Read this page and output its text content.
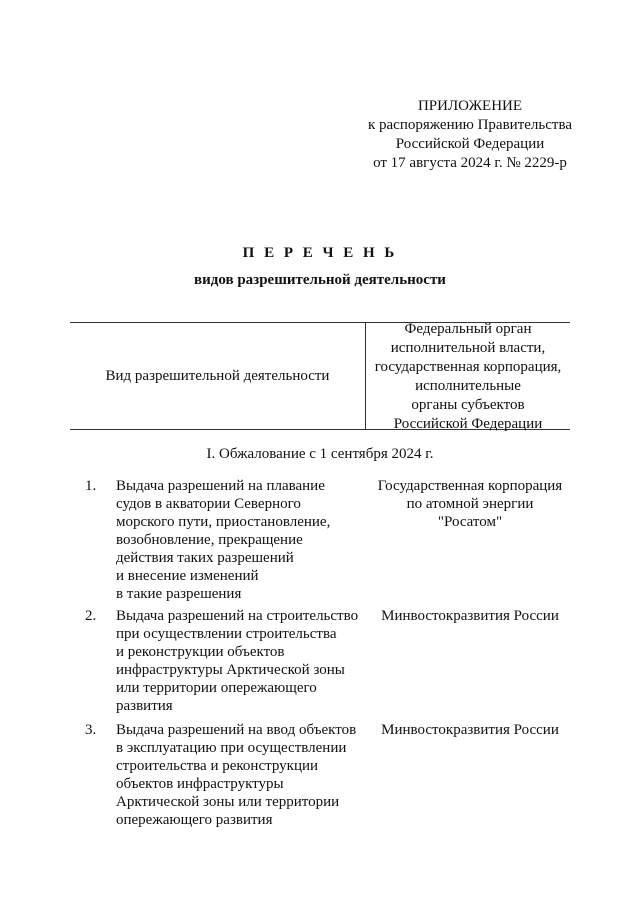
ПРИЛОЖЕНИЕ
к распоряжению Правительства
Российской Федерации
от 17 августа 2024 г. № 2229-р
П Е Р Е Ч Е Н Ь
видов разрешительной деятельности
Вид разрешительной деятельности
Федеральный орган
исполнительной власти,
государственная корпорация,
исполнительные
органы субъектов
Российской Федерации
I. Обжалование с 1 сентября 2024 г.
1. Выдача разрешений на плавание
судов в акватории Северного
морского пути, приостановление,
возобновление, прекращение
действия таких разрешений
и внесение изменений
в такие разрешения
Государственная корпорация
по атомной энергии
"Росатом"
2. Выдача разрешений на строительство
при осуществлении строительства
и реконструкции объектов
инфраструктуры Арктической зоны
или территории опережающего
развития
Минвостокразвития России
3. Выдача разрешений на ввод объектов
в эксплуатацию при осуществлении
строительства и реконструкции
объектов инфраструктуры
Арктической зоны или территории
опережающего развития
Минвостокразвития России
